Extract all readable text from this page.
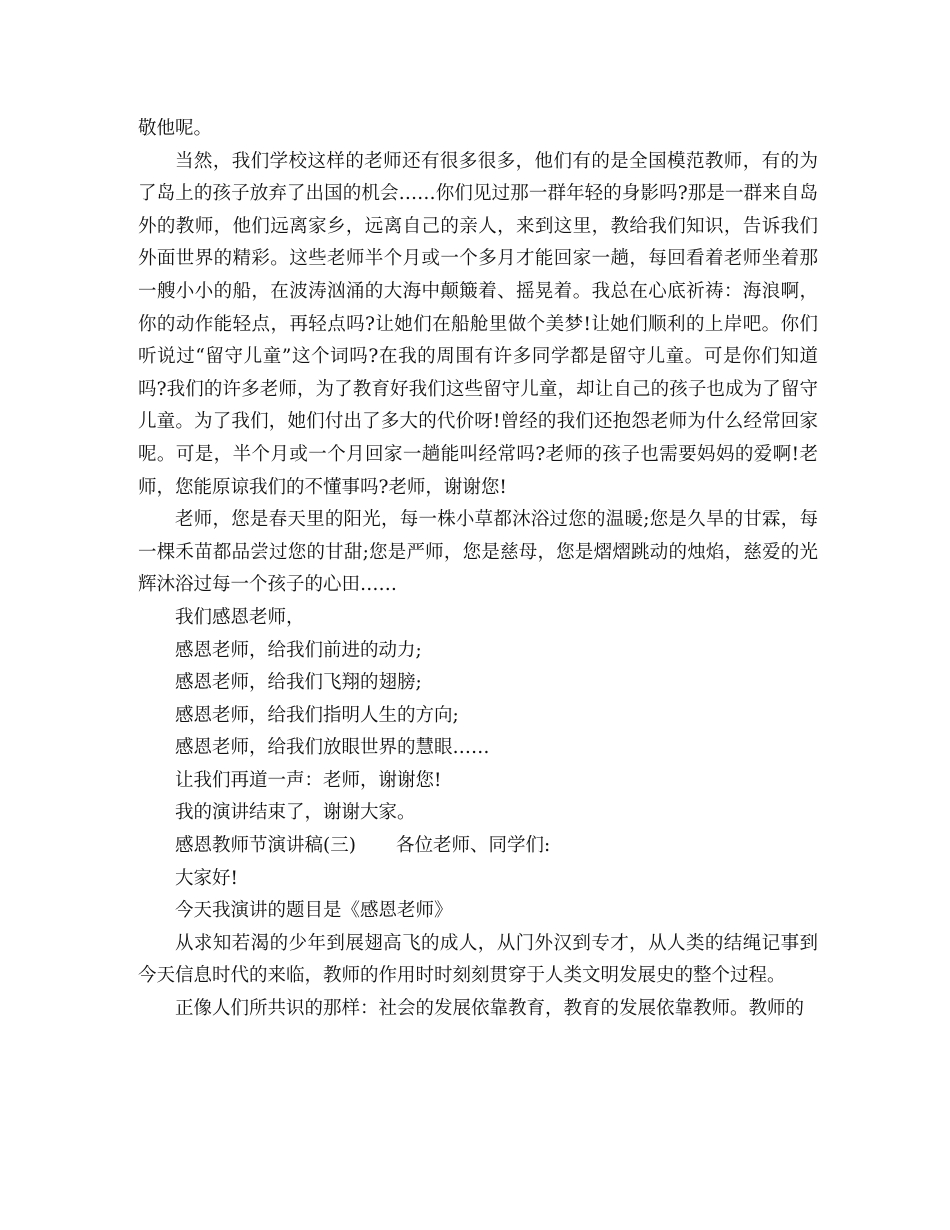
敬他呢。

当然，我们学校这样的老师还有很多很多，他们有的是全国模范教师，有的为了岛上的孩子放弃了出国的机会……你们见过那一群年轻的身影吗?那是一群来自岛外的教师，他们远离家乡，远离自己的亲人，来到这里，教给我们知识，告诉我们外面世界的精彩。这些老师半个月或一个多月才能回家一趟，每回看着老师坐着那一艘小小的船，在波涛汹涌的大海中颠簸着、摇晃着。我总在心底祈祷：海浪啊，你的动作能轻点，再轻点吗?让她们在船舱里做个美梦!让她们顺利的上岸吧。你们听说过“留守儿童”这个词吗?在我的周围有许多同学都是留守儿童。可是你们知道吗?我们的许多老师，为了教育好我们这些留守儿童，却让自己的孩子也成为了留守儿童。为了我们，她们付出了多大的代价呀!曾经的我们还抱怨老师为什么经常回家呢。可是，半个月或一个月回家一趟能叫经常吗?老师的孩子也需要妈妈的爱啊!老师，您能原谅我们的不懂事吗?老师，谢谢您!

老师，您是春天里的阳光，每一株小草都沐浴过您的温暖;您是久旱的甘霖，每一棵禾苗都品尝过您的甘甜;您是严师，您是慈母，您是熠熠跳动的烛焰，慈爱的光辉沐浴过每一个孩子的心田……

我们感恩老师，

感恩老师，给我们前进的动力;

感恩老师，给我们飞翔的翅膀;

感恩老师，给我们指明人生的方向;

感恩老师，给我们放眼世界的慧眼……

让我们再道一声：老师，谢谢您!

我的演讲结束了，谢谢大家。

感恩教师节演讲稿(三) 各位老师、同学们:

大家好!

今天我演讲的题目是《感恩老师》

从求知若渴的少年到展翅高飞的成人，从门外汉到专才，从人类的结绳记事到今天信息时代的来临，教师的作用时时刻刻贯穿于人类文明发展史的整个过程。

正像人们所共识的那样：社会的发展依靠教育，教育的发展依靠教师。教师的
